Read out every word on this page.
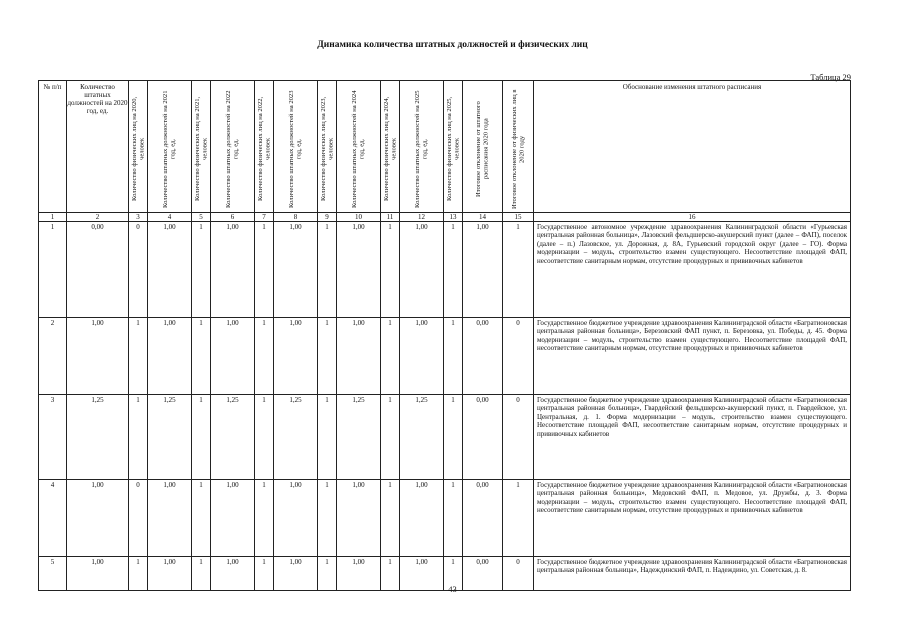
Динамика количества штатных должностей и физических лиц
Таблица 29
№ п/п	Количество штатных должностей на 2020 год, ед.	Количество физических лиц на 2020, человек	Количество штатных должностей на 2021 год, ед.	Количество физических лиц на 2021, человек	Количество штатных должностей на 2022 год, ед.	Количество физических лиц на 2022, человек	Количество штатных должностей на 2023 год, ед.	Количество физических лиц на 2023, человек	Количество штатных должностей на 2024 год, ед.	Количество физических лиц на 2024, человек	Количество штатных должностей на 2025 год, ед.	Количество физических лиц на 2025, человек	Итоговое отклонение от штатного расписания 2020 года	Итоговое отклонение от физических лиц в 2020 году	Обоснование изменения штатного расписания
1	2	3	4	5	6	7	8	9	10	11	12	13	14	15	16
1	0,00	0	1,00	1	1,00	1	1,00	1	1,00	1	1,00	1	1,00	1	Государственное автономное учреждение здравоохранения Калининградской области «Гурьевская центральная районная больница», Лазовский фельдшерско-акушерский пункт (далее – ФАП), поселок (далее – п.) Лазовское, ул. Дорожная, д. 8А, Гурьевский городской округ (далее – ГО). Форма модернизации – модуль, строительство взамен существующего. Несоответствие площадей ФАП, несоответствие санитарным нормам, отсутствие процедурных и прививочных кабинетов
2	1,00	1	1,00	1	1,00	1	1,00	1	1,00	1	1,00	1	0,00	0	Государственное бюджетное учреждение здравоохранения Калининградской области «Багратионовская центральная районная больница», Березовский ФАП пункт, п. Березовка, ул. Победы, д. 45. Форма модернизации – модуль, строительство взамен существующего. Несоответствие площадей ФАП, несоответствие санитарным нормам, отсутствие процедурных и прививочных кабинетов
3	1,25	1	1,25	1	1,25	1	1,25	1	1,25	1	1,25	1	0,00	0	Государственное бюджетное учреждение здравоохранения Калининградской области «Багратионовская центральная районная больница», Гвардейский фельдшерско-акушерский пункт, п. Гвардейское, ул. Центральная, д. 1. Форма модернизации – модуль, строительство взамен существующего. Несоответствие площадей ФАП, несоответствие санитарным нормам, отсутствие процедурных и прививочных кабинетов
4	1,00	0	1,00	1	1,00	1	1,00	1	1,00	1	1,00	1	0,00	1	Государственное бюджетное учреждение здравоохранения Калининградской области «Багратионовская центральная районная больница», Медовский ФАП, п. Медовое, ул. Дружбы, д. 3. Форма модернизации – модуль, строительство взамен существующего. Несоответствие площадей ФАП, несоответствие санитарным нормам, отсутствие процедурных и прививочных кабинетов
5	1,00	1	1,00	1	1,00	1	1,00	1	1,00	1	1,00	1	0,00	0	Государственное бюджетное учреждение здравоохранения Калининградской области «Багратионовская центральная районная больница», Надеждинский ФАП, п. Надеждино, ул. Советская, д. 8.
43
